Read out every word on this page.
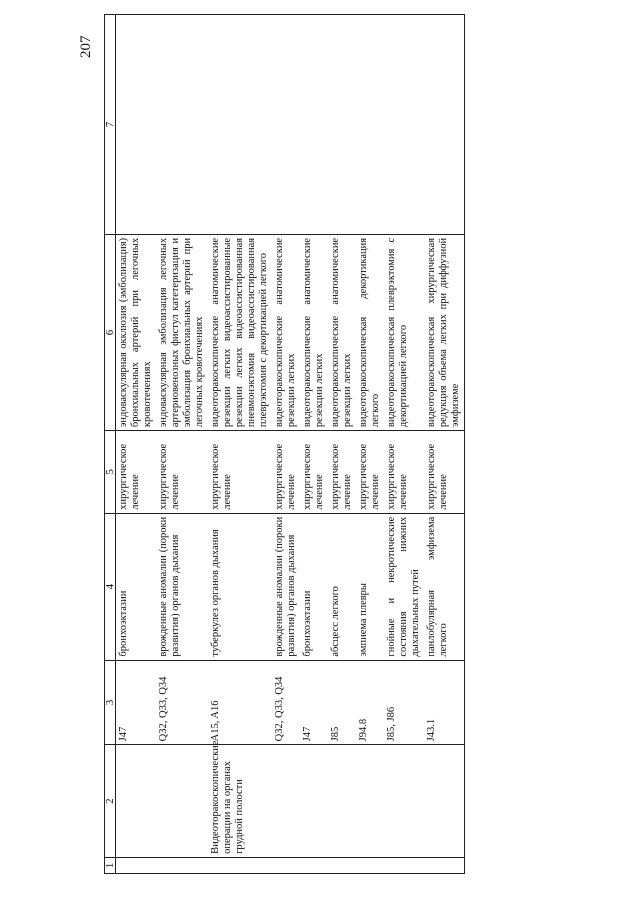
207
1	2	3	4	5	6	7
		J47	бронхоэктазии	хирургическое лечение	эндоваскулярная окклюзия (эмболизация) бронхиальных артерий при легочных кровотечениях	
		Q32, Q33, Q34	врожденные аномалии (пороки развития) органов дыхания	хирургическое лечение	эндоваскулярная эмболизация легочных артериовенозных фистул катетеризация и эмболизация бронхиальных артерий при легочных кровотечениях	
	Видеоторакоскопические операции на органах грудной полости	A15, A16	туберкулез органов дыхания	хирургическое лечение	видеоторакоскопические анатомические резекции легких видеоассистированные резекции легких видеоассистированная пневмонэктомия видеоассистированная плеврэктомия с декортикацией легкого	
		Q32, Q33, Q34	врожденные аномалии (пороки развития) органов дыхания	хирургическое лечение	видеоторакоскопические анатомические резекции легких	
		J47	бронхоэктазии	хирургическое лечение	видеоторакоскопические анатомические резекции легких	
		J85	абсцесс легкого	хирургическое лечение	видеоторакоскопические анатомические резекции легких	
		J94.8	эмпиема плевры	хирургическое лечение	видеоторакоскопическая декортикация легкого	
		J85, J86	гнойные и некротические состояния нижних дыхательных путей	хирургическое лечение	видеоторакоскопическая плеврэктомия с декортикацией легкого	
		J43.1	панлобулярная эмфизема легкого	хирургическое лечение	видеоторакоскопическая хирургическая редукция объема легких при диффузной эмфиземе	
